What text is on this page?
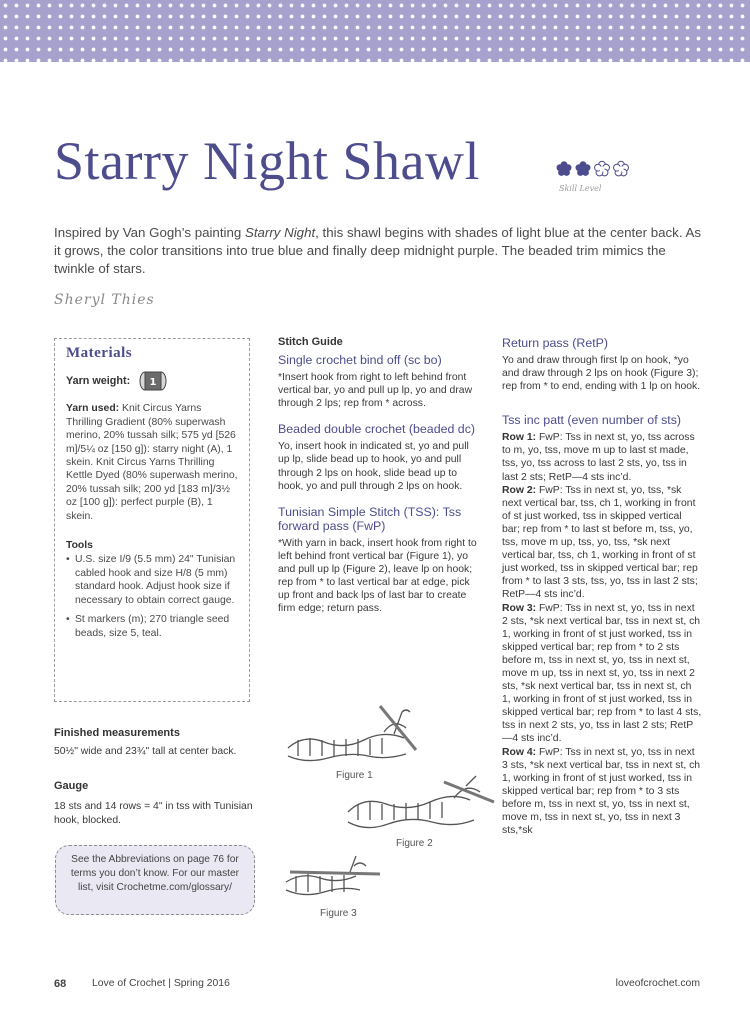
Starry Night Shawl	Skill Level

Inspired by Van Gogh’s painting Starry Night, this shawl begins with shades of light blue at the center back. As it grows, the color transitions into true blue and finally deep midnight purple. The beaded trim mimics the twinkle of stars.

Sheryl Thies
Materials
Yarn weight: 1

Yarn used: Knit Circus Yarns Thrilling Gradient (80% superwash merino, 20% tussah silk; 575 yd [526 m]/5¼ oz [150 g]): starry night (A), 1 skein. Knit Circus Yarns Thrilling Kettle Dyed (80% superwash merino, 20% tussah silk; 200 yd [183 m]/3½ oz [100 g]): perfect purple (B), 1 skein.

Tools
• U.S. size I/9 (5.5 mm) 24" Tunisian cabled hook and size H/8 (5 mm) standard hook. Adjust hook size if necessary to obtain correct gauge.
• St markers (m); 270 triangle seed beads, size 5, teal.
Finished measurements
50½" wide and 23¾" tall at center back.
Gauge
18 sts and 14 rows = 4" in tss with Tunisian hook, blocked.
See the Abbreviations on page 76 for terms you don’t know. For our master list, visit Crochetme.com/glossary/
Stitch Guide
Single crochet bind off (sc bo)

*Insert hook from right to left behind front vertical bar, yo and pull up lp, yo and draw through 2 lps; rep from * across.

Beaded double crochet (beaded dc)

Yo, insert hook in indicated st, yo and pull up lp, slide bead up to hook, yo and pull through 2 lps on hook, slide bead up to hook, yo and pull through 2 lps on hook.

Tunisian Simple Stitch (TSS): Tss forward pass (FwP)

*With yarn in back, insert hook from right to left behind front vertical bar (Figure 1), yo and pull up lp (Figure 2), leave lp on hook; rep from * to last vertical bar at edge, pick up front and back lps of last bar to create firm edge; return pass.

Figure 1
Figure 2
Figure 3
Return pass (RetP)

Yo and draw through first lp on hook, *yo and draw through 2 lps on hook (Figure 3); rep from * to end, ending with 1 lp on hook.

Tss inc patt (even number of sts)

Row 1: FwP: Tss in next st, yo, tss across to m, yo, tss, move m up to last st made, tss, yo, tss across to last 2 sts, yo, tss in last 2 sts; RetP—4 sts inc’d.

Row 2: FwP: Tss in next st, yo, tss, *sk next vertical bar, tss, ch 1, working in front of st just worked, tss in skipped vertical bar; rep from * to last st before m, tss, yo, tss, move m up, tss, yo, tss, *sk next vertical bar, tss, ch 1, working in front of st just worked, tss in skipped vertical bar; rep from * to last 3 sts, tss, yo, tss in last 2 sts; RetP—4 sts inc’d.

Row 3: FwP: Tss in next st, yo, tss in next 2 sts, *sk next vertical bar, tss in next st, ch 1, working in front of st just worked, tss in skipped vertical bar; rep from * to 2 sts before m, tss in next st, yo, tss in next st, move m up, tss in next st, yo, tss in next 2 sts, *sk next vertical bar, tss in next st, ch 1, working in front of st just worked, tss in skipped vertical bar; rep from * to last 4 sts, tss in next 2 sts, yo, tss in last 2 sts; RetP—4 sts inc’d.

Row 4: FwP: Tss in next st, yo, tss in next 3 sts, *sk next vertical bar, tss in next st, ch 1, working in front of st just worked, tss in skipped vertical bar; rep from * to 3 sts before m, tss in next st, yo, tss in next st, move m, tss in next st, yo, tss in next 3 sts,*sk

68 Love of Crochet | Spring 2016	loveofcrochet.com
